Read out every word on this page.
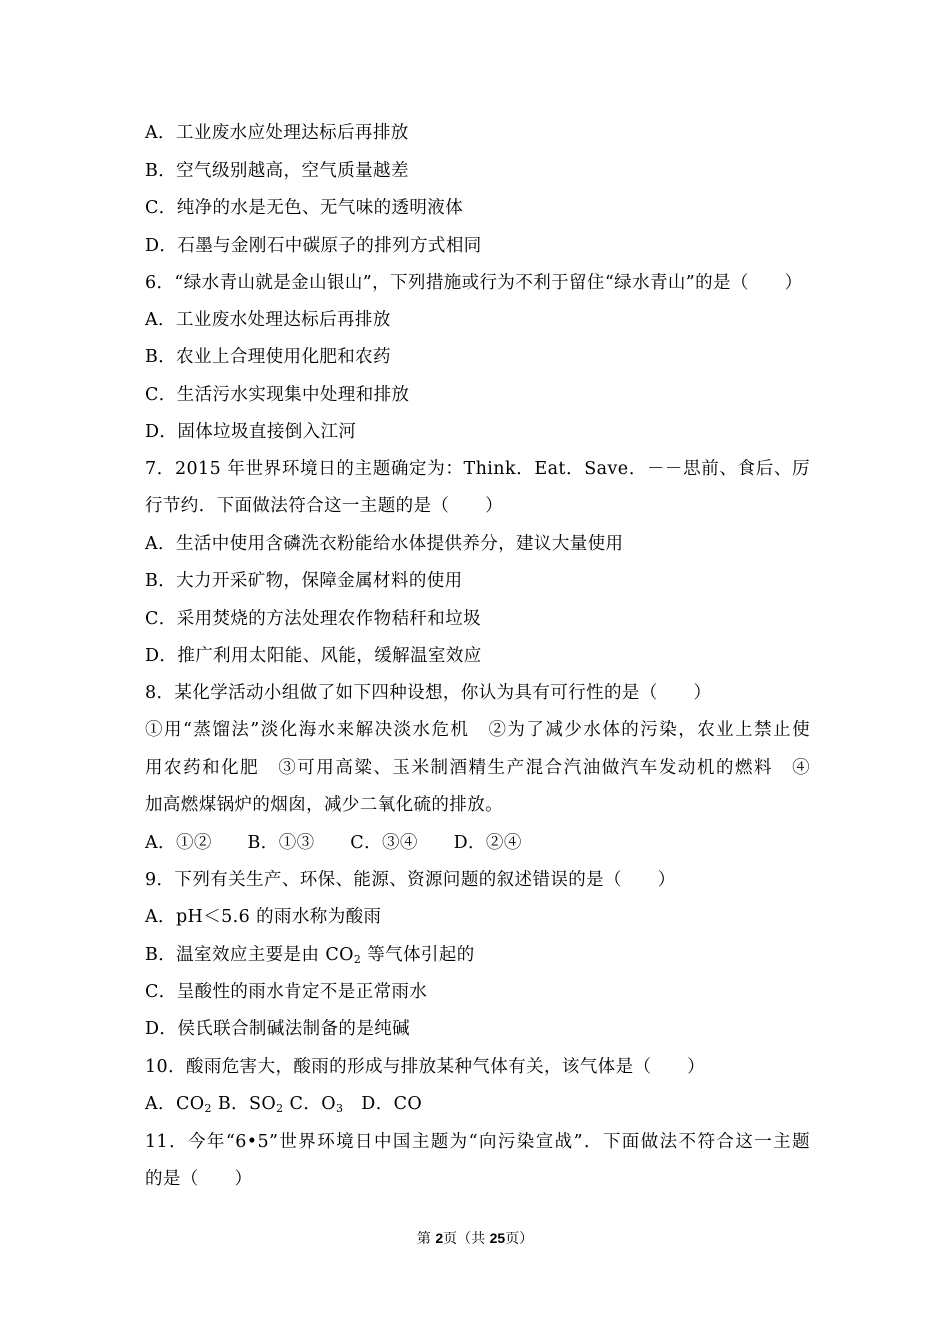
A．工业废水应处理达标后再排放
B．空气级别越高，空气质量越差
C．纯净的水是无色、无气味的透明液体
D．石墨与金刚石中碳原子的排列方式相同
6．“绿水青山就是金山银山”，下列措施或行为不利于留住“绿水青山”的是（　　）
A．工业废水处理达标后再排放
B．农业上合理使用化肥和农药
C．生活污水实现集中处理和排放
D．固体垃圾直接倒入江河
7．2015 年世界环境日的主题确定为：Think．Eat．Save．－－思前、食后、厉
行节约．下面做法符合这一主题的是（　　）
A．生活中使用含磷洗衣粉能给水体提供养分，建议大量使用
B．大力开采矿物，保障金属材料的使用
C．采用焚烧的方法处理农作物秸秆和垃圾
D．推广利用太阳能、风能，缓解温室效应
8．某化学活动小组做了如下四种设想，你认为具有可行性的是（　　）
①用“蒸馏法”淡化海水来解决淡水危机　②为了减少水体的污染，农业上禁止使
用农药和化肥　③可用高粱、玉米制酒精生产混合汽油做汽车发动机的燃料　④
加高燃煤锅炉的烟囱，减少二氧化硫的排放。
A．①②　　B．①③　　C．③④　　D．②④
9．下列有关生产、环保、能源、资源问题的叙述错误的是（　　）
A．pH＜5.6 的雨水称为酸雨
B．温室效应主要是由 $CO_2$ 等气体引起的
C．呈酸性的雨水肯定不是正常雨水
D．侯氏联合制碱法制备的是纯碱
10．酸雨危害大，酸雨的形成与排放某种气体有关，该气体是（　　）
A．$CO_2$ B．$SO_2$ C．$O_3$　D．CO
11．今年“6•5”世界环境日中国主题为“向污染宣战”．下面做法不符合这一主题
的是（　　）
第 2页（共 25页）
